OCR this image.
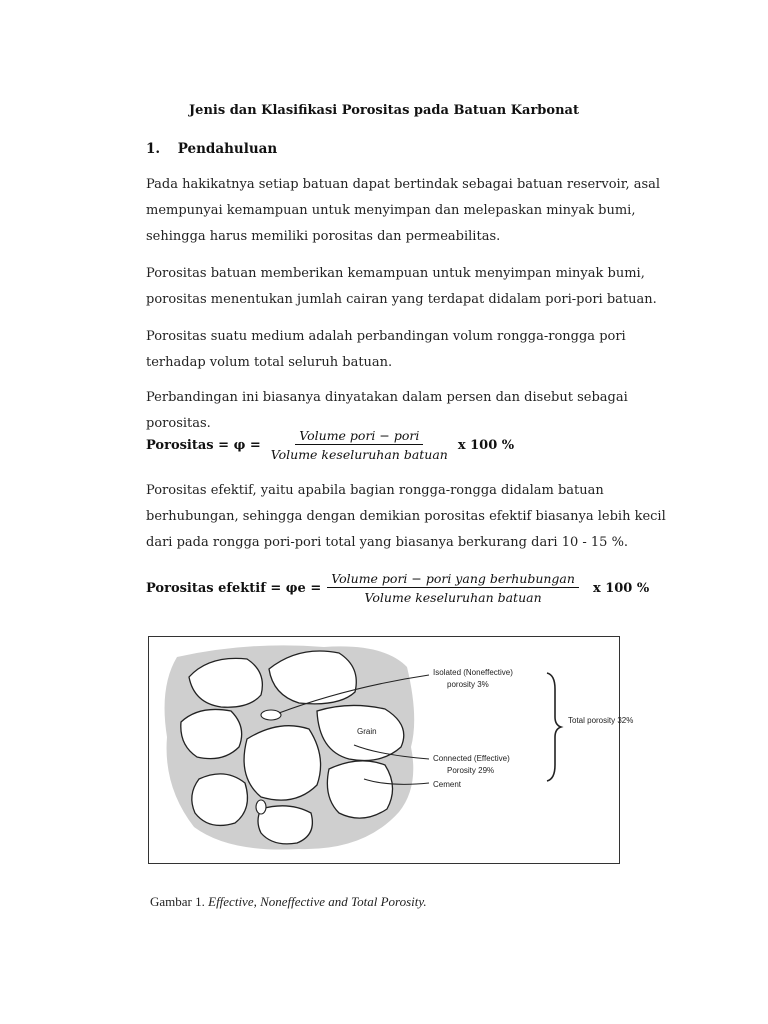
Jenis dan Klasifikasi Porositas pada Batuan Karbonat
1. Pendahuluan

Pada hakikatnya setiap batuan dapat bertindak sebagai batuan reservoir, asal mempunyai kemampuan untuk menyimpan dan melepaskan minyak bumi, sehingga harus memiliki porositas dan permeabilitas.

Porositas batuan memberikan kemampuan untuk menyimpan minyak bumi, porositas menentukan jumlah cairan yang terdapat didalam pori-pori batuan.

Porositas suatu medium adalah perbandingan volum rongga-rongga pori terhadap volum total seluruh batuan.

Perbandingan ini biasanya dinyatakan dalam persen dan disebut sebagai porositas.

Porositas = $\varphi = \frac{\text{Volume pori − pori}}{\text{Volume keseluruhan batuan}}$ x 100 %

Porositas efektif, yaitu apabila bagian rongga-rongga didalam batuan berhubungan, sehingga dengan demikian porositas efektif biasanya lebih kecil dari pada rongga pori-pori total yang biasanya berkurang dari 10 - 15 %.

Porositas efektif = $\varphi e = \frac{\text{Volume pori − pori yang berhubungan}}{\text{Volume keseluruhan batuan}}$ x 100 %
Isolated (Noneffective)
porosity 3%
Grain
Connected (Effective)
Porosity 29%
Cement
Total porosity 32%
Gambar 1. Effective, Noneffective and Total Porosity.
